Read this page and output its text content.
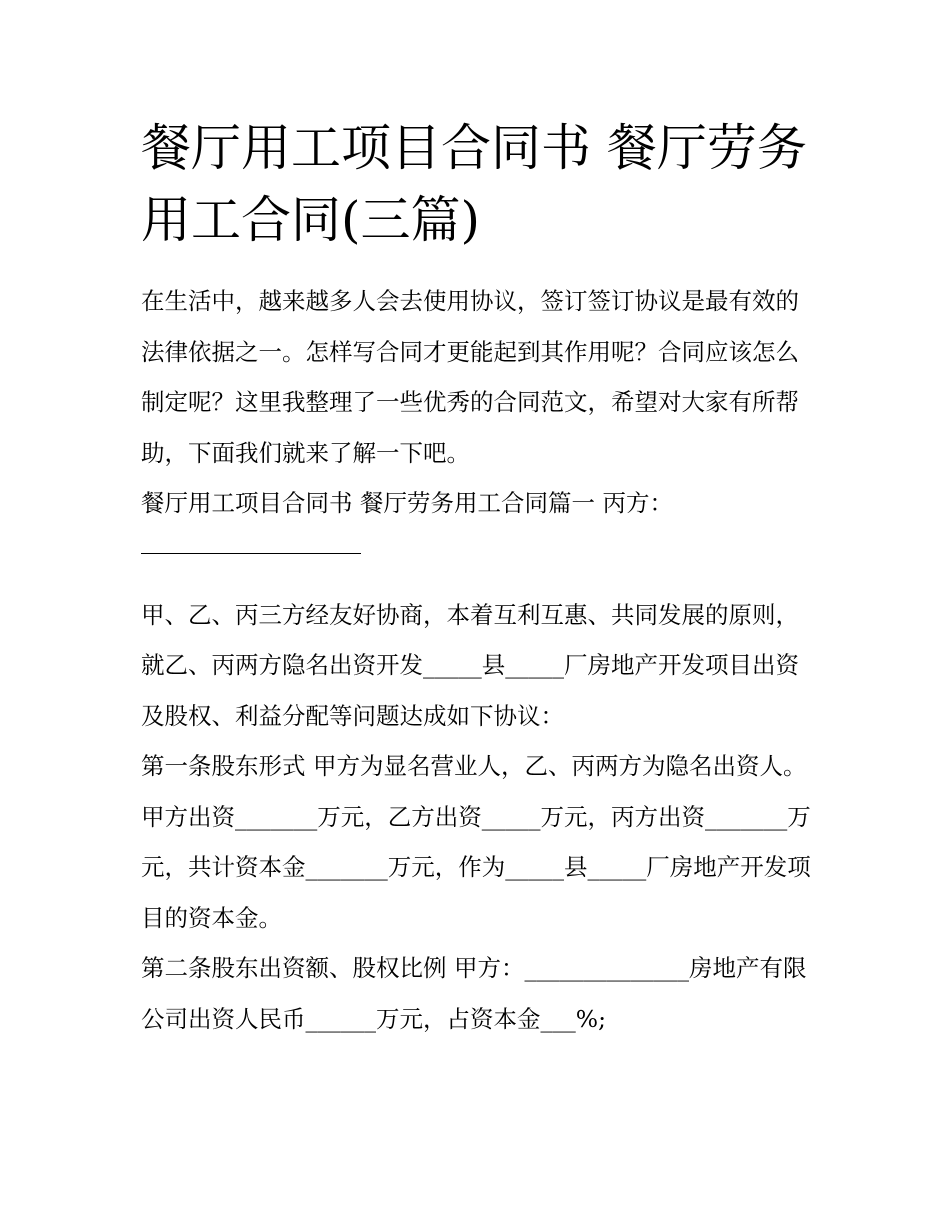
餐厅用工项目合同书 餐厅劳务用工合同(三篇)

在生活中，越来越多人会去使用协议，签订签订协议是最有效的法律依据之一。怎样写合同才更能起到其作用呢？合同应该怎么制定呢？这里我整理了一些优秀的合同范文，希望对大家有所帮助，下面我们就来了解一下吧。

餐厅用工项目合同书 餐厅劳务用工合同篇一 丙方：

甲、乙、丙三方经友好协商，本着互利互惠、共同发展的原则，就乙、丙两方隐名出资开发_____县_____厂房地产开发项目出资及股权、利益分配等问题达成如下协议：

第一条股东形式 甲方为显名营业人，乙、丙两方为隐名出资人。

甲方出资_______万元，乙方出资_____万元，丙方出资_______万元，共计资本金_______万元，作为_____县_____厂房地产开发项目的资本金。

第二条股东出资额、股权比例 甲方：______________房地产有限公司出资人民币______万元，占资本金___%;
